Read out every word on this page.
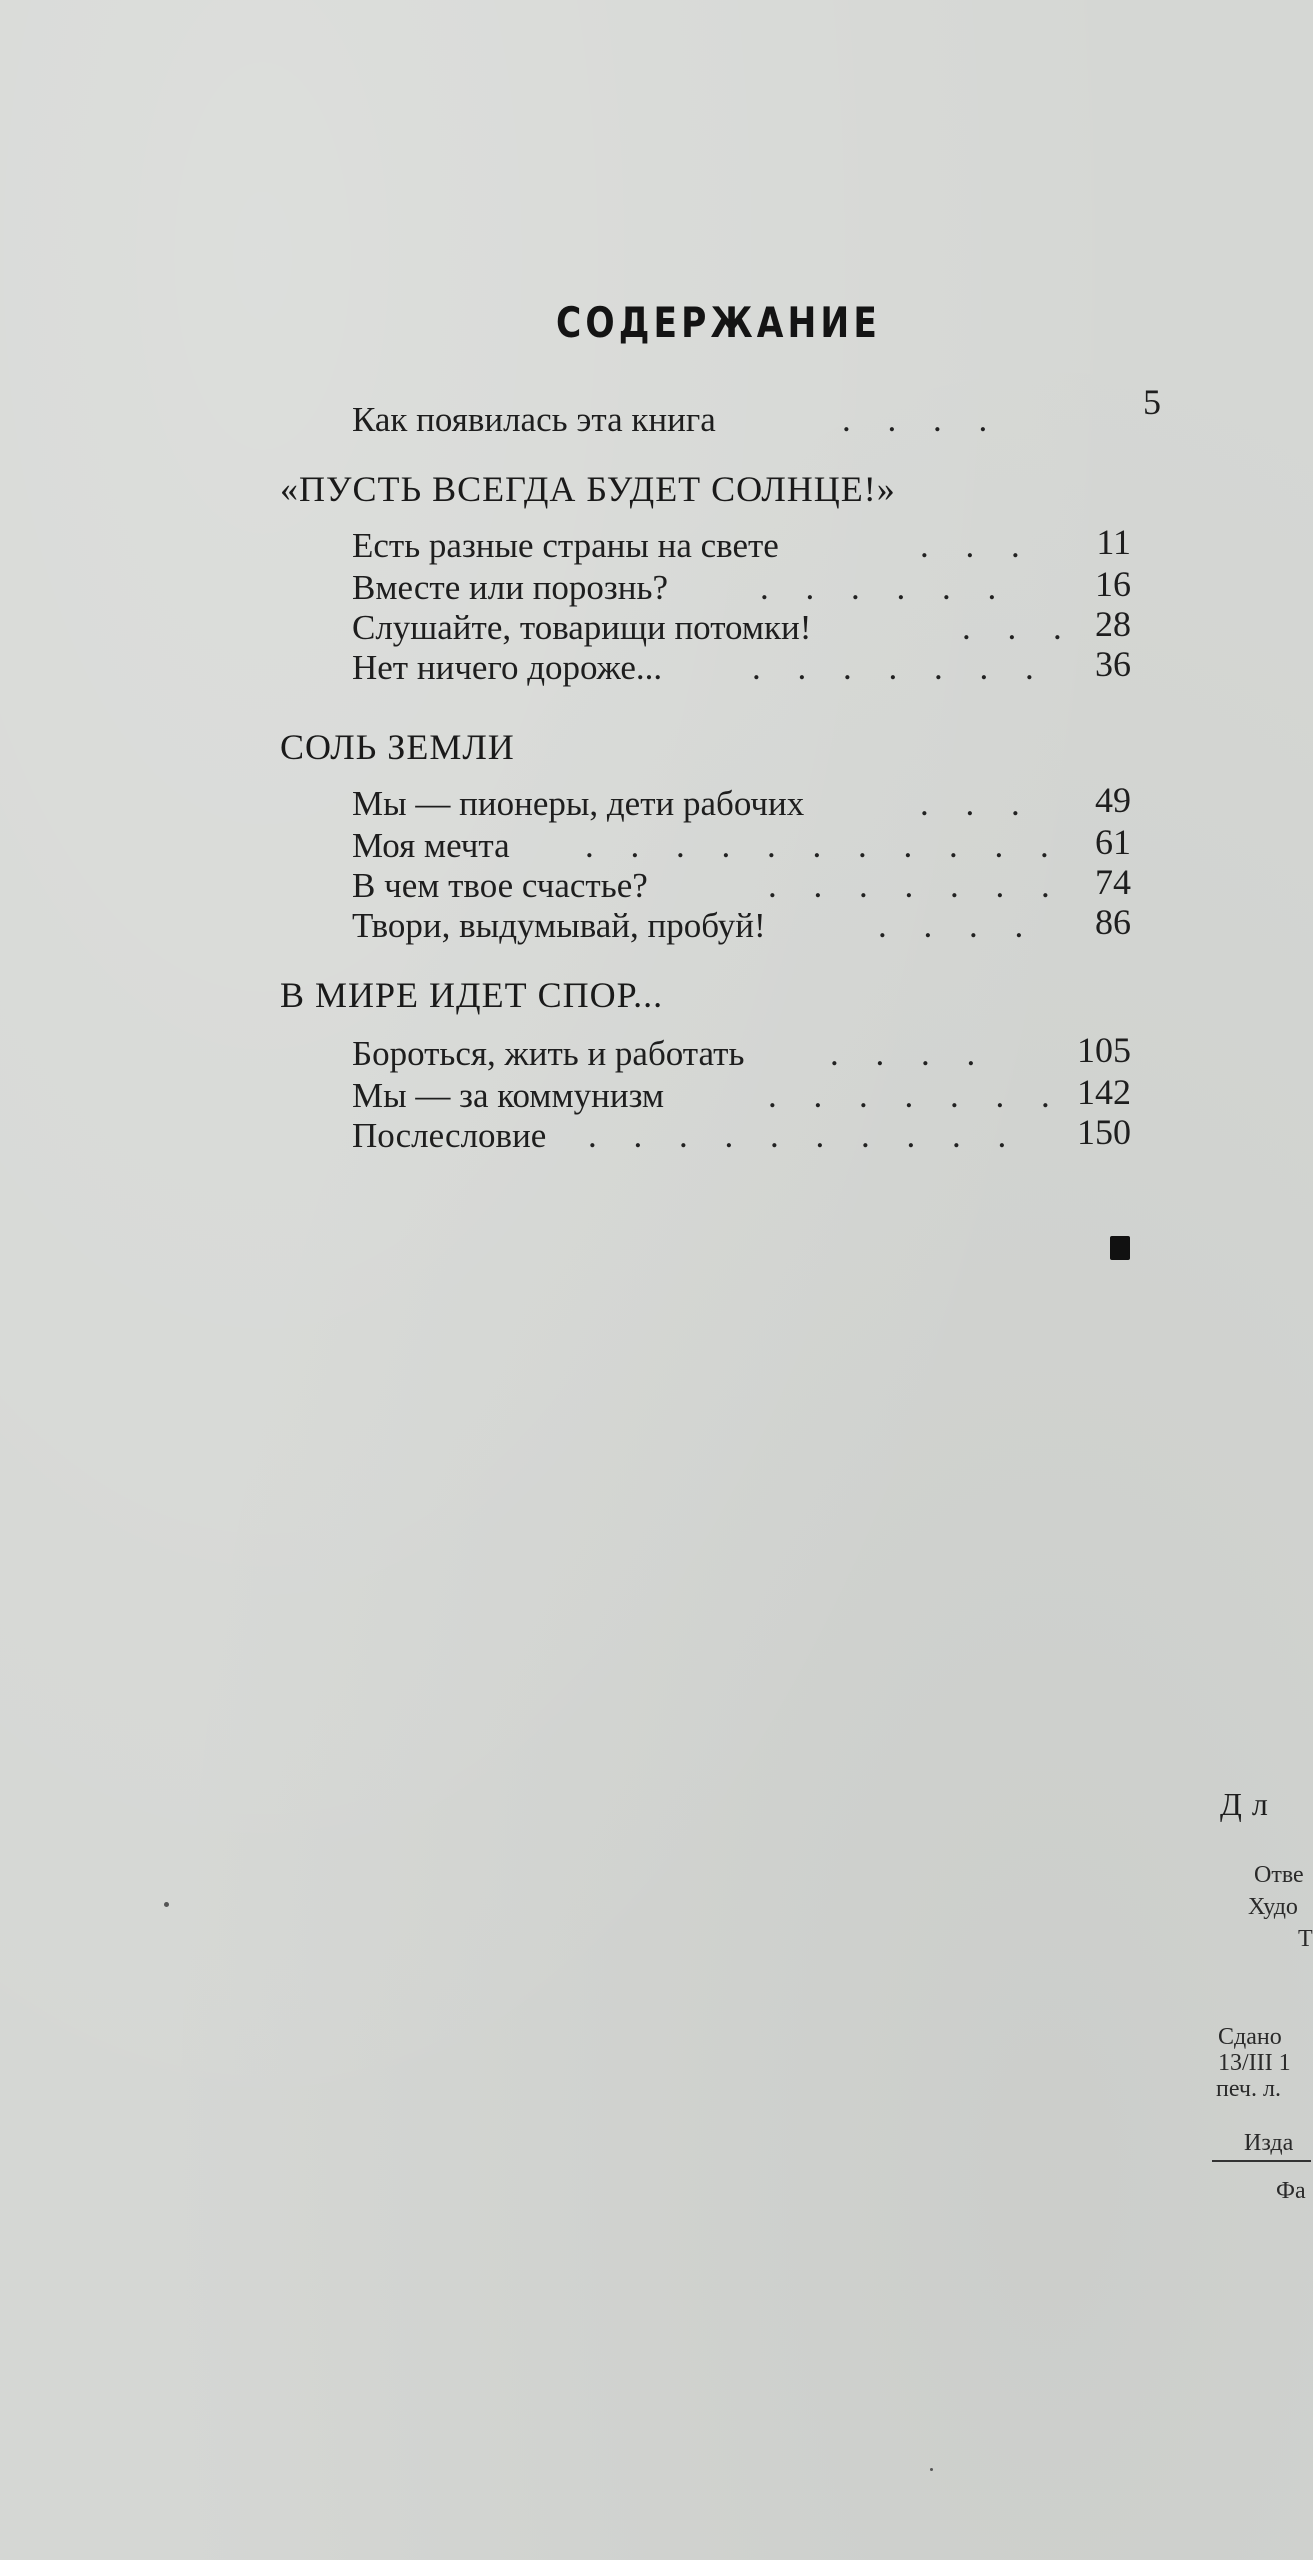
СОДЕРЖАНИЕ
Как появилась эта книга	. . . .	5
«ПУСТЬ ВСЕГДА БУДЕТ СОЛНЦЕ!»
Есть разные страны на свете	. . . 11
Вместе или порознь?	. . . . . . 16
Слушайте, товарищи потомки!	. . . 28
Нет ничего дороже...	. . . . . . . 36
СОЛЬ ЗЕМЛИ
Мы — пионеры, дети рабочих	. . . 49
Моя мечта . . . . . . . . . . . 61
В чем твое счастье?	. . . . . . . 74
Твори, выдумывай, пробуй!	. . . . 86
В МИРЕ ИДЕТ СПОР...
Бороться, жить и работать . . . . 105
Мы — за коммунизм	. . . . . . . 142
Послесловие . . . . . . . . . . 150
Дл
Отве
Худо
Т
Сдано
13/III 1
печ. л.
Изда
Фа
